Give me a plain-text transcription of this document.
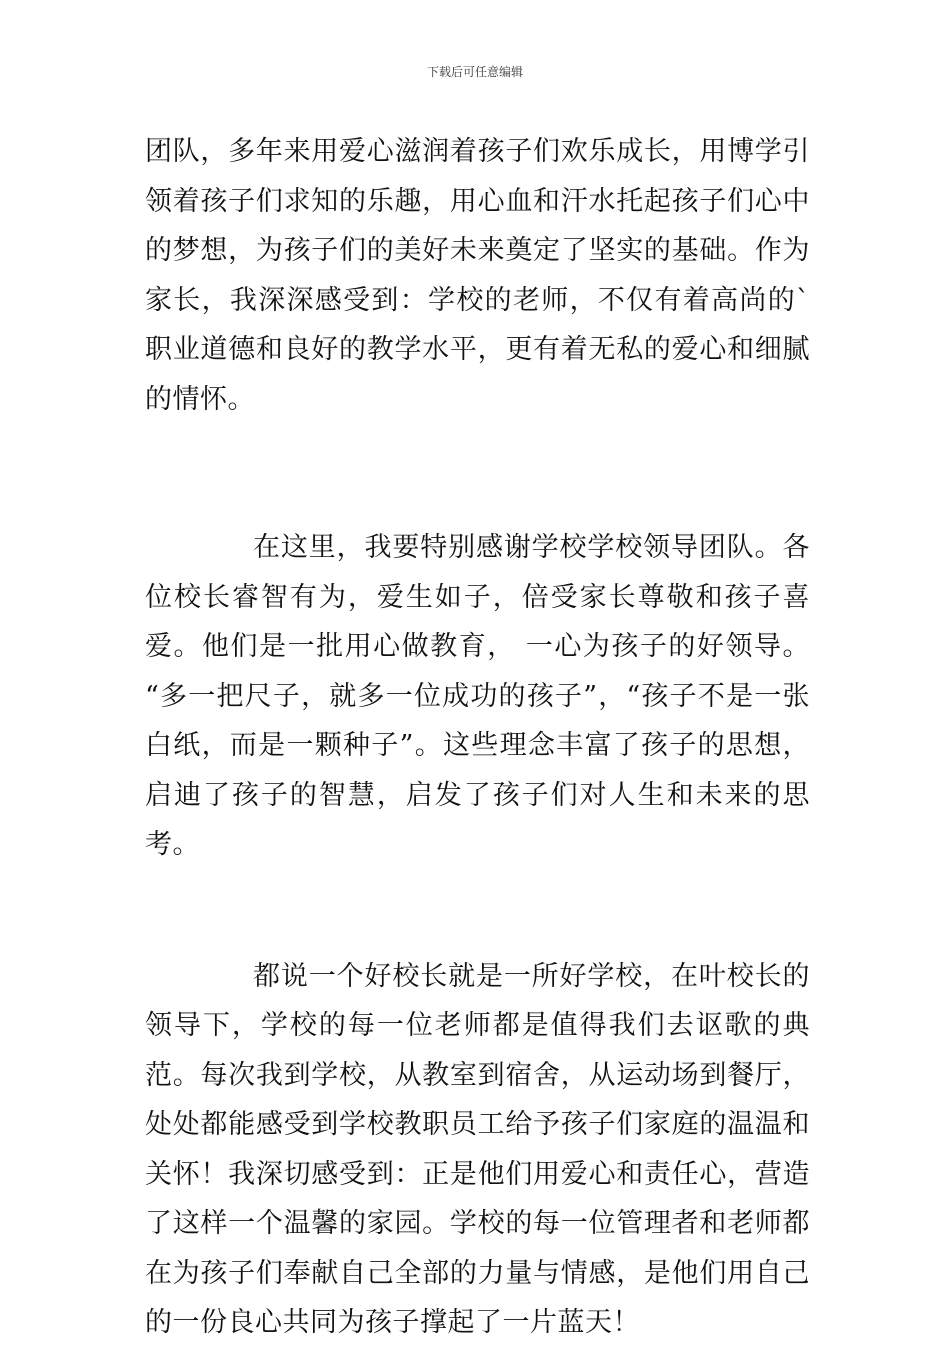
下载后可任意编辑

团队，多年来用爱心滋润着孩子们欢乐成长，用博学引领着孩子们求知的乐趣，用心血和汗水托起孩子们心中的梦想，为孩子们的美好未来奠定了坚实的基础。作为家长，我深深感受到：学校的老师，不仅有着高尚的`职业道德和良好的教学水平，更有着无私的爱心和细腻的情怀。

在这里，我要特别感谢学校学校领导团队。各位校长睿智有为，爱生如子，倍受家长尊敬和孩子喜爱。他们是一批用心做教育， 一心为孩子的好领导。 “多一把尺子，就多一位成功的孩子”，“孩子不是一张白纸，而是一颗种子”。这些理念丰富了孩子的思想，启迪了孩子的智慧，启发了孩子们对人生和未来的思考。

都说一个好校长就是一所好学校，在叶校长的领导下，学校的每一位老师都是值得我们去讴歌的典范。每次我到学校，从教室到宿舍，从运动场到餐厅，处处都能感受到学校教职员工给予孩子们家庭的温温和关怀！我深切感受到：正是他们用爱心和责任心，营造了这样一个温馨的家园。学校的每一位管理者和老师都在为孩子们奉献自己全部的力量与情感，是他们用自己的一份良心共同为孩子撑起了一片蓝天！
